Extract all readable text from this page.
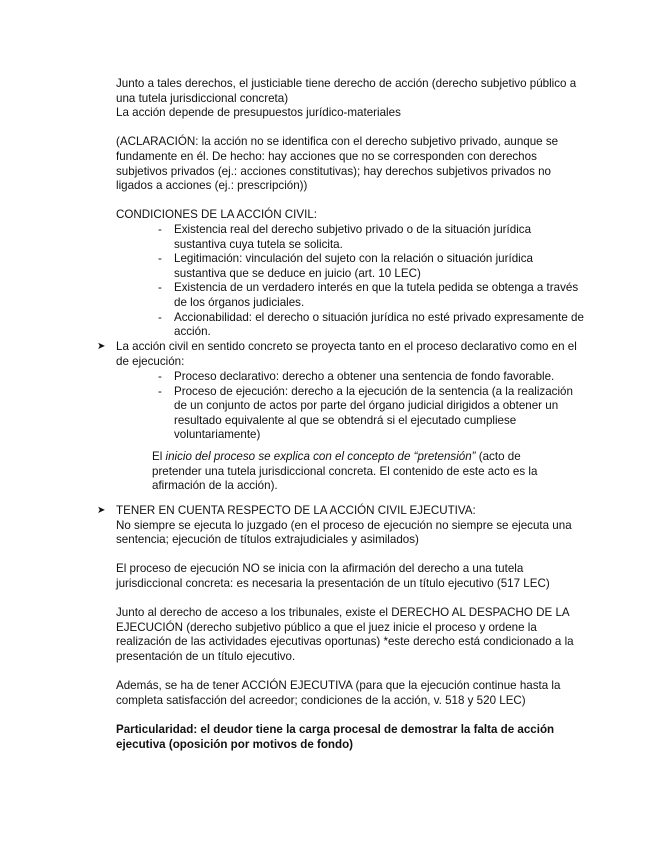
Junto a tales derechos, el justiciable tiene derecho de acción (derecho subjetivo público a una tutela jurisdiccional concreta)

La acción depende de presupuestos jurídico-materiales

(ACLARACIÓN: la acción no se identifica con el derecho subjetivo privado, aunque se fundamente en él. De hecho: hay acciones que no se corresponden con derechos subjetivos privados (ej.: acciones constitutivas); hay derechos subjetivos privados no ligados a acciones (ej.: prescripción))

CONDICIONES DE LA ACCIÓN CIVIL:

- Existencia real del derecho subjetivo privado o de la situación jurídica sustantiva cuya tutela se solicita.

- Legitimación: vinculación del sujeto con la relación o situación jurídica sustantiva que se deduce en juicio (art. 10 LEC)

- Existencia de un verdadero interés en que la tutela pedida se obtenga a través de los órganos judiciales.

- Accionabilidad: el derecho o situación jurídica no esté privado expresamente de acción.

➤ La acción civil en sentido concreto se proyecta tanto en el proceso declarativo como en el de ejecución:

- Proceso declarativo: derecho a obtener una sentencia de fondo favorable.

- Proceso de ejecución: derecho a la ejecución de la sentencia (a la realización de un conjunto de actos por parte del órgano judicial dirigidos a obtener un resultado equivalente al que se obtendrá si el ejecutado cumpliese voluntariamente)

El inicio del proceso se explica con el concepto de “pretensión” (acto de pretender una tutela jurisdiccional concreta. El contenido de este acto es la afirmación de la acción).

➤ TENER EN CUENTA RESPECTO DE LA ACCIÓN CIVIL EJECUTIVA:

No siempre se ejecuta lo juzgado (en el proceso de ejecución no siempre se ejecuta una sentencia; ejecución de títulos extrajudiciales y asimilados)

El proceso de ejecución NO se inicia con la afirmación del derecho a una tutela jurisdiccional concreta: es necesaria la presentación de un título ejecutivo (517 LEC)

Junto al derecho de acceso a los tribunales, existe el DERECHO AL DESPACHO DE LA EJECUCIÓN (derecho subjetivo público a que el juez inicie el proceso y ordene la realización de las actividades ejecutivas oportunas) *este derecho está condicionado a la presentación de un título ejecutivo.

Además, se ha de tener ACCIÓN EJECUTIVA (para que la ejecución continue hasta la completa satisfacción del acreedor; condiciones de la acción, v. 518 y 520 LEC)

Particularidad: el deudor tiene la carga procesal de demostrar la falta de acción ejecutiva (oposición por motivos de fondo)
